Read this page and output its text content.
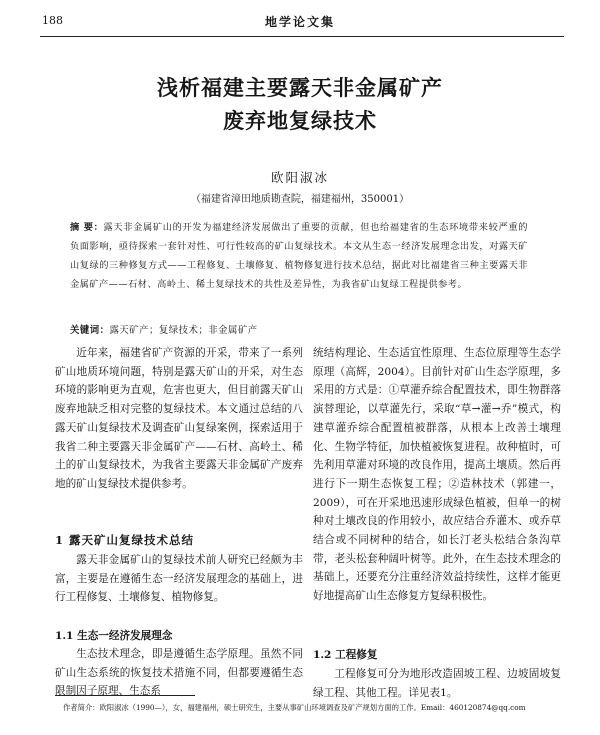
188	地学论文集
浅析福建主要露天非金属矿产
废弃地复绿技术
欧阳淑冰
（福建省漳田地质勘查院，福建福州，350001）
摘 要：露天非金属矿山的开发为福建经济发展做出了重要的贡献，但也给福建省的生态环境带来较严重的负面影响，亟待探索一套针对性、可行性较高的矿山复绿技术。本文从生态一经济发展理念出发，对露天矿山复绿的三种修复方式——工程修复、土壤修复、植物修复进行技术总结，据此对比福建省三种主要露天非金属矿产——石材、高岭土、稀土复绿技术的共性及差异性，为我省矿山复绿工程提供参考。
关键词：露天矿产；复绿技术；非金属矿产
近年来，福建省矿产资源的开采，带来了一系列矿山地质环境问题，特别是露天矿山的开采，对生态环境的影响更为直观，危害也更大，但目前露天矿山废弃地缺乏相对完整的复绿技术。本文通过总结的八露天矿山复绿技术及调查矿山复绿案例，探索适用于我省二种主要露天非金属矿产——石材、高岭土、稀土的矿山复绿技术，为我省主要露天非金属矿产废弃地的矿山复绿技术提供参考。
1 露天矿山复绿技术总结
露天非金属矿山的复绿技术前人研究已经颇为丰富，主要是在遵循生态一经济发展理念的基础上，进行工程修复、土壤修复、植物修复。
1.1 生态一经济发展理念
生态技术理念，即是遵循生态学原理。虽然不同矿山生态系统的恢复技术措施不同，但都要遵循生态限制因子原理、生态系
统结构理论、生态适宜性原理、生态位原理等生态学原理（高辉，2004）。目前针对矿山生态学原理，多采用的方式是：①草灌乔综合配置技术，即生物群落演替理论，以草灌先行，采取“草→灌→乔”模式，构建草灌乔综合配置植被群落，从根本上改善土壤理化、生物学特征，加快植被恢复进程。故种植时，可先利用草灌对环境的改良作用，提高土壤质。然后再进行下一期生态恢复工程；②造林技术（郭建一，2009），可在开采地迅速形成绿色植被，但单一的树种对土壤改良的作用较小，故应结合乔灌木、或乔草结合或不同树种的结合，如长汀老头松结合条沟草带，老头松套种阔叶树等。此外，在生态技术理念的基础上，还要充分注重经济效益持续性，这样才能更好地提高矿山生态修复方复绿积极性。
1.2 工程修复
工程修复可分为地形改造固坡工程、边坡固坡复绿工程、其他工程。详见表1。
作者简介：欧阳淑冰（1990—），女，福建福州，硕士研究生，主要从事矿山环境调查及矿产规划方面的工作。Email：460120874@qq.com
